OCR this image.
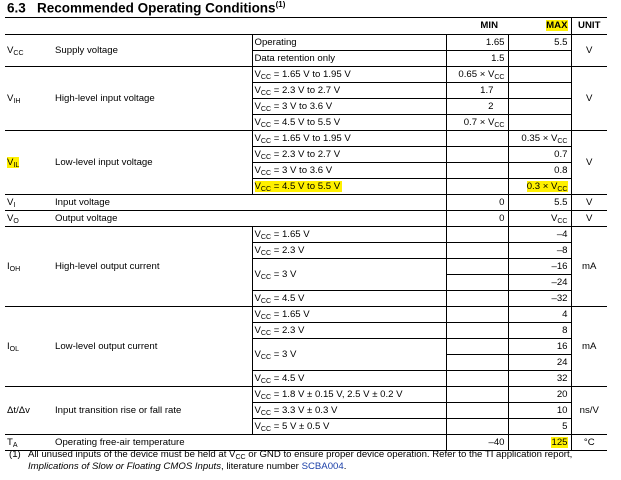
6.3 Recommended Operating Conditions$^{(1)}$
			MIN	MAX	UNIT
$V_{CC}$	Supply voltage	Operating	1.65	5.5	V
		Data retention only	1.5		
$V_{IH}$	High-level input voltage	$V_{CC} = 1.65$ V to 1.95 V	$0.65 \times V_{CC}$		V
		$V_{CC} = 2.3$ V to 2.7 V	1.7		
		$V_{CC} = 3$ V to 3.6 V	2		
		$V_{CC} = 4.5$ V to 5.5 V	$0.7 \times V_{CC}$	
$V_{IL}$	Low-level input voltage	$V_{CC} = 1.65$ V to 1.95 V		$0.35 \times V_{CC}$	V
		$V_{CC} = 2.3$ V to 2.7 V		0.7	
		$V_{CC} = 3$ V to 3.6 V		0.8	
		$V_{CC} = 4.5$ V to 5.5 V		$0.3 \times V_{CC}$
$V_I$	Input voltage		0	5.5	V
$V_O$	Output voltage		0	$V_{CC}$	V
$I_{OH}$	High-level output current	$V_{CC} = 1.65$ V		–4	mA
		$V_{CC} = 2.3$ V		–8	
		$V_{CC} = 3$ V		–16	
				–24	
		$V_{CC} = 4.5$ V		–32	
$I_{OL}$	Low-level output current	$V_{CC} = 1.65$ V		4	mA
		$V_{CC} = 2.3$ V		8	
		$V_{CC} = 3$ V		16	
				24	
		$V_{CC} = 4.5$ V		32	
Δt/Δv	Input transition rise or fall rate	$V_{CC} = 1.8$ V ± 0.15 V, 2.5 V ± 0.2 V		20	ns/V
		$V_{CC} = 3.3$ V ± 0.3 V		10	
		$V_{CC} = 5$ V ± 0.5 V		5	
$T_A$	Operating free-air temperature		–40	125	°C
(1) All unused inputs of the device must be held at $V_{CC}$ or GND to ensure proper device operation. Refer to the TI application report,
Implications of Slow or Floating CMOS Inputs, literature number SCBA004.
